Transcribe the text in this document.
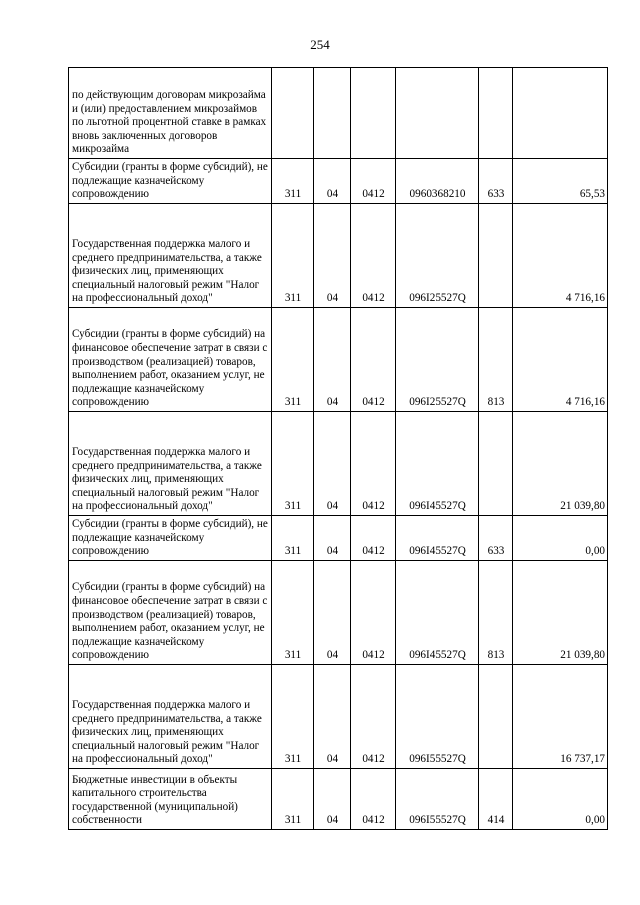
254
по действующим договорам микрозайма и (или) предоставлением микрозаймов по льготной процентной ставке в рамках вновь заключенных договоров микрозайма						
Субсидии (гранты в форме субсидий), не подлежащие казначейскому сопровождению	311	04	0412	0960368210	633	65,53
Государственная поддержка малого и среднего предпринимательства, а также физических лиц, применяющих специальный налоговый режим "Налог на профессиональный доход"	311	04	0412	096I25527Q		4 716,16
Субсидии (гранты в форме субсидий) на финансовое обеспечение затрат в связи с производством (реализацией) товаров, выполнением работ, оказанием услуг, не подлежащие казначейскому сопровождению	311	04	0412	096I25527Q	813	4 716,16
Государственная поддержка малого и среднего предпринимательства, а также физических лиц, применяющих специальный налоговый режим "Налог на профессиональный доход"	311	04	0412	096I45527Q		21 039,80
Субсидии (гранты в форме субсидий), не подлежащие казначейскому сопровождению	311	04	0412	096I45527Q	633	0,00
Субсидии (гранты в форме субсидий) на финансовое обеспечение затрат в связи с производством (реализацией) товаров, выполнением работ, оказанием услуг, не подлежащие казначейскому сопровождению	311	04	0412	096I45527Q	813	21 039,80
Государственная поддержка малого и среднего предпринимательства, а также физических лиц, применяющих специальный налоговый режим "Налог на профессиональный доход"	311	04	0412	096I55527Q		16 737,17
Бюджетные инвестиции в объекты капитального строительства государственной (муниципальной) собственности	311	04	0412	096I55527Q	414	0,00
